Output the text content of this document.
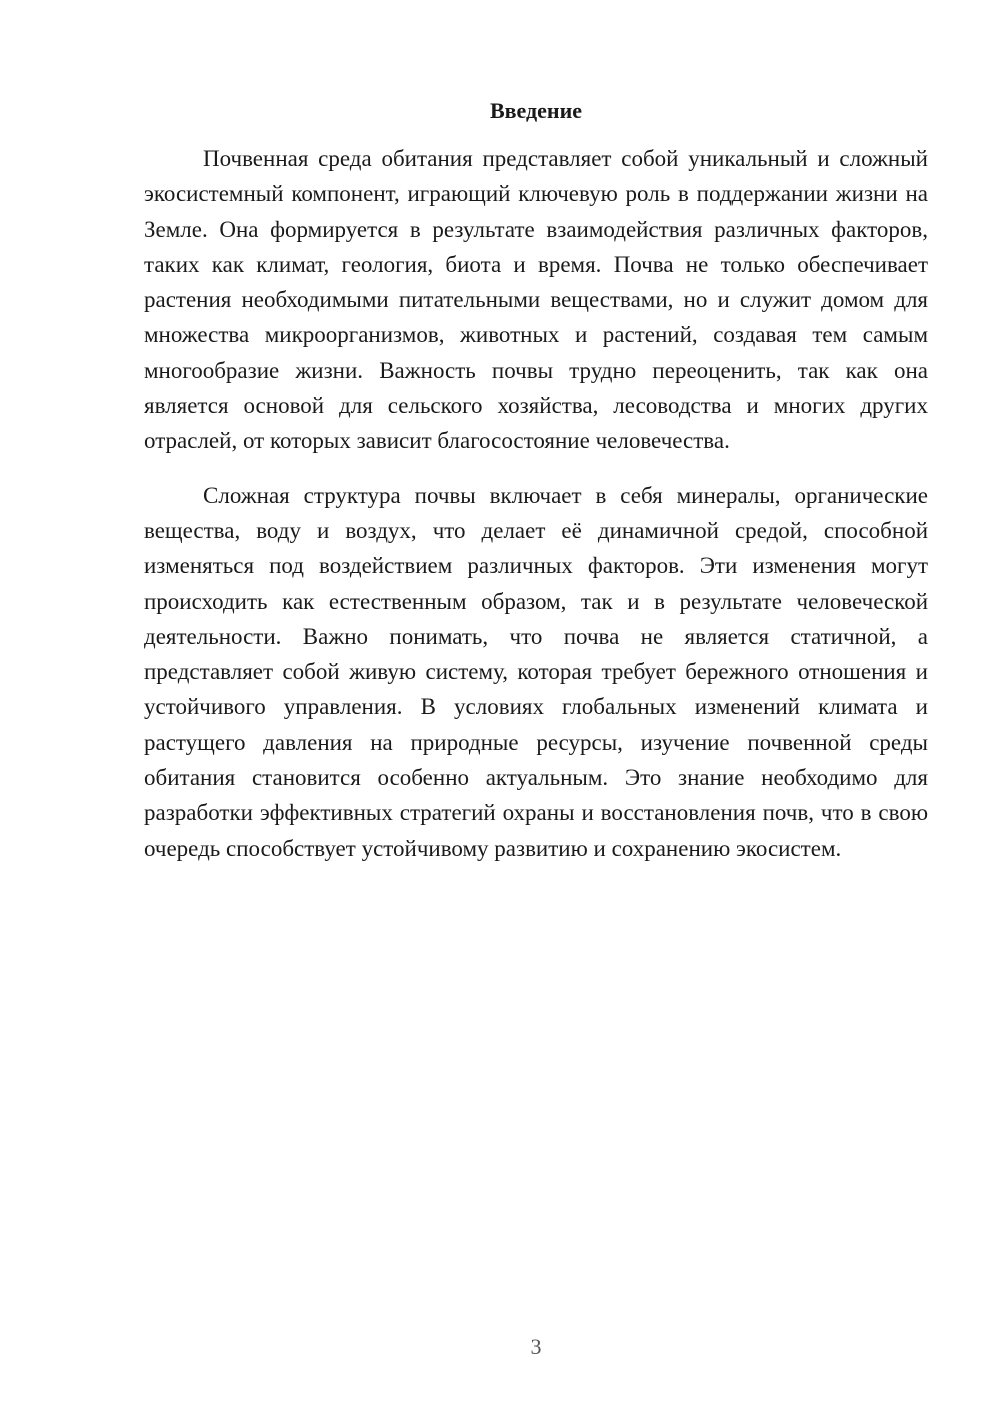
Введение

Почвенная среда обитания представляет собой уникальный и сложный экосистемный компонент, играющий ключевую роль в поддержании жизни на Земле. Она формируется в результате взаимодействия различных факторов, таких как климат, геология, биота и время. Почва не только обеспечивает растения необходимыми питательными веществами, но и служит домом для множества микроорганизмов, животных и растений, создавая тем самым многообразие жизни. Важность почвы трудно переоценить, так как она является основой для сельского хозяйства, лесоводства и многих других отраслей, от которых зависит благосостояние человечества.

Сложная структура почвы включает в себя минералы, органические вещества, воду и воздух, что делает её динамичной средой, способной изменяться под воздействием различных факторов. Эти изменения могут происходить как естественным образом, так и в результате человеческой деятельности. Важно понимать, что почва не является статичной, а представляет собой живую систему, которая требует бережного отношения и устойчивого управления. В условиях глобальных изменений климата и растущего давления на природные ресурсы, изучение почвенной среды обитания становится особенно актуальным. Это знание необходимо для разработки эффективных стратегий охраны и восстановления почв, что в свою очередь способствует устойчивому развитию и сохранению экосистем.

3
